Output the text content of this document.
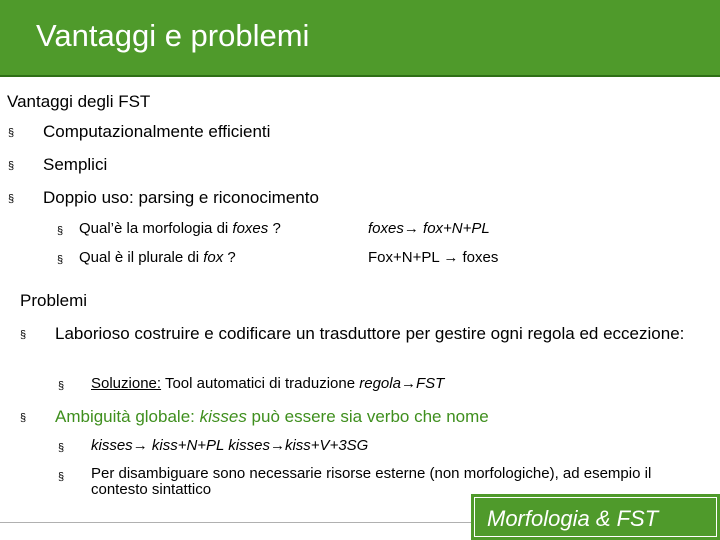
Vantaggi e problemi
Vantaggi degli FST
§ Computazionalmente efficienti
§ Semplici
§ Doppio uso: parsing e riconocimento
§ Qual’è la morfologia di foxes ?	foxes→ fox+N+PL
§ Qual è il plurale di fox ?	Fox+N+PL → foxes
Problemi
§ Laborioso costruire e codificare un trasduttore per gestire ogni regola ed eccezione:
§ Soluzione: Tool automatici di traduzione regola→FST
§ Ambiguità globale: kisses può essere sia verbo che nome
§ kisses→ kiss+N+PL kisses→kiss+V+3SG
§ Per disambiguare sono necessarie risorse esterne (non morfologiche), ad esempio il contesto sintattico
Morfologia & FST
